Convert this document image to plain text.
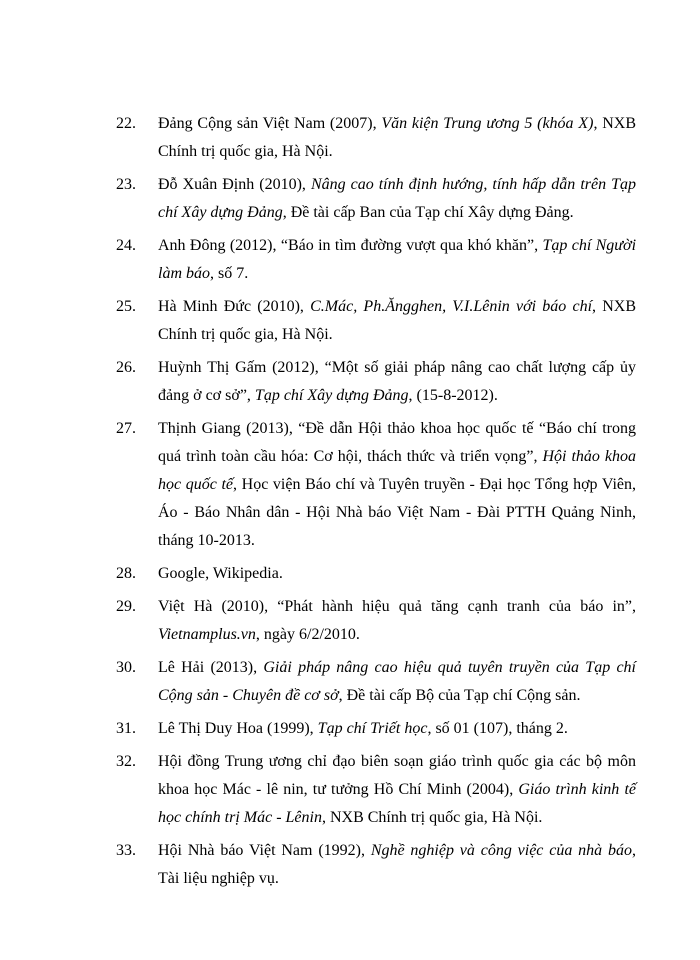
22.	Đảng Cộng sản Việt Nam (2007), Văn kiện Trung ương 5 (khóa X), NXB Chính trị quốc gia, Hà Nội.
23.	Đỗ Xuân Định (2010), Nâng cao tính định hướng, tính hấp dẫn trên Tạp chí Xây dựng Đảng, Đề tài cấp Ban của Tạp chí Xây dựng Đảng.
24.	Anh Đông (2012), “Báo in tìm đường vượt qua khó khăn”, Tạp chí Người làm báo, số 7.
25.	Hà Minh Đức (2010), C.Mác, Ph.Ăngghen, V.I.Lênin với báo chí, NXB Chính trị quốc gia, Hà Nội.
26.	Huỳnh Thị Gấm (2012), “Một số giải pháp nâng cao chất lượng cấp ủy đảng ở cơ sở”, Tạp chí Xây dựng Đảng, (15-8-2012).
27.	Thịnh Giang (2013), “Đề dẫn Hội thảo khoa học quốc tế “Báo chí trong quá trình toàn cầu hóa: Cơ hội, thách thức và triển vọng”, Hội thảo khoa học quốc tế, Học viện Báo chí và Tuyên truyền - Đại học Tổng hợp Viên, Áo - Báo Nhân dân - Hội Nhà báo Việt Nam - Đài PTTH Quảng Ninh, tháng 10-2013.
28.	Google, Wikipedia.
29.	Việt Hà (2010), “Phát hành hiệu quả tăng cạnh tranh của báo in”, Vietnamplus.vn, ngày 6/2/2010.
30.	Lê Hải (2013), Giải pháp nâng cao hiệu quả tuyên truyền của Tạp chí Cộng sản - Chuyên đề cơ sở, Đề tài cấp Bộ của Tạp chí Cộng sản.
31.	Lê Thị Duy Hoa (1999), Tạp chí Triết học, số 01 (107), tháng 2.
32.	Hội đồng Trung ương chỉ đạo biên soạn giáo trình quốc gia các bộ môn khoa học Mác - lê nin, tư tưởng Hồ Chí Minh (2004), Giáo trình kinh tế học chính trị Mác - Lênin, NXB Chính trị quốc gia, Hà Nội.
33.	Hội Nhà báo Việt Nam (1992), Nghề nghiệp và công việc của nhà báo, Tài liệu nghiệp vụ.
